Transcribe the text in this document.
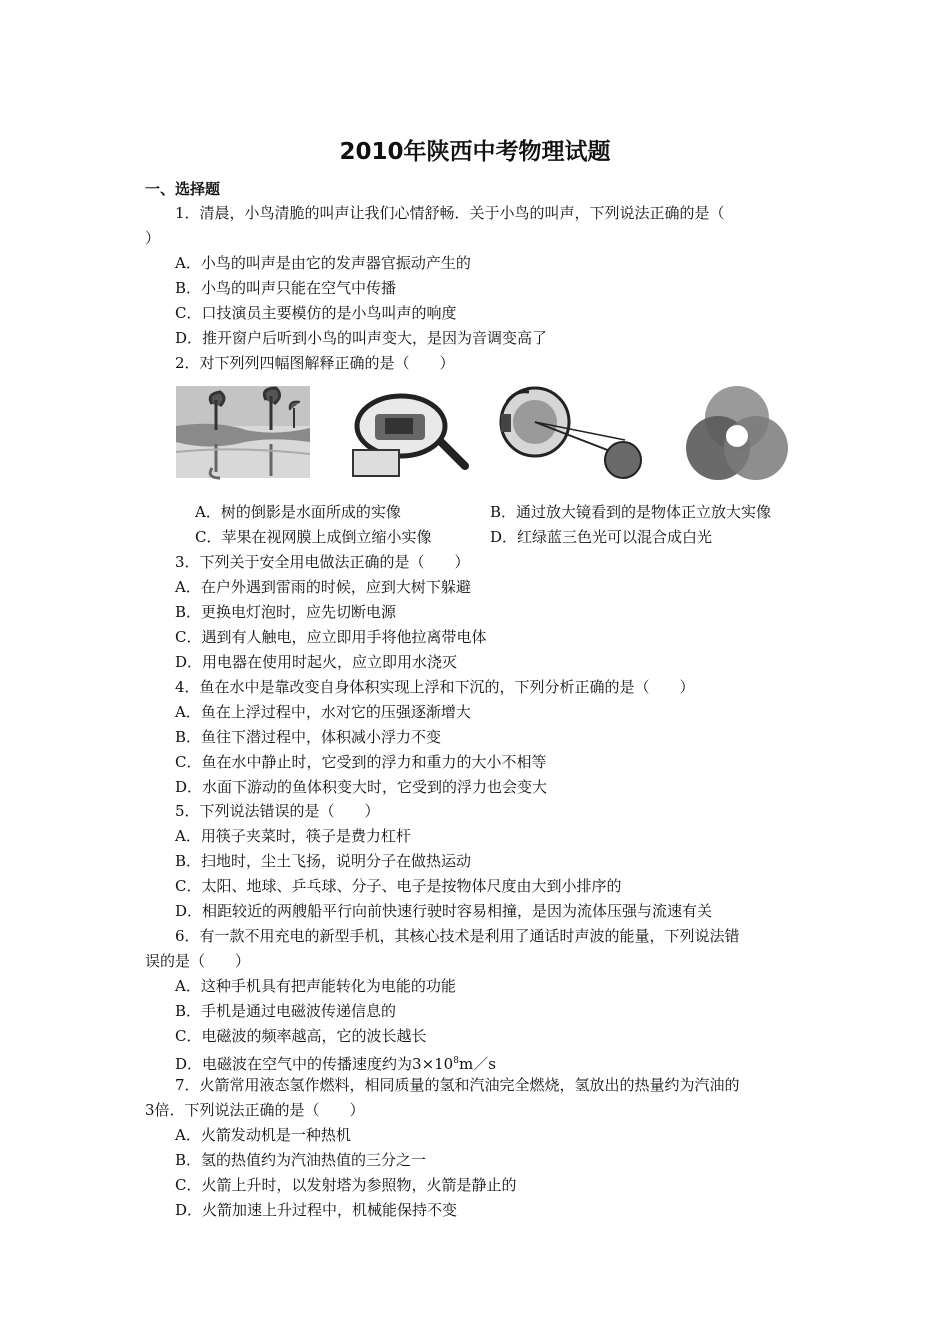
2010年陕西中考物理试题
一、选择题
1．清晨，小鸟清脆的叫声让我们心情舒畅．关于小鸟的叫声，下列说法正确的是（
）
A．小鸟的叫声是由它的发声器官振动产生的
B．小鸟的叫声只能在空气中传播
C．口技演员主要模仿的是小鸟叫声的响度
D．推开窗户后听到小鸟的叫声变大，是因为音调变高了
2．对下列列四幅图解释正确的是（　　）
A．树的倒影是水面所成的实像	B．通过放大镜看到的是物体正立放大实像
C．苹果在视网膜上成倒立缩小实像	D．红绿蓝三色光可以混合成白光
3．下列关于安全用电做法正确的是（　　）
A．在户外遇到雷雨的时候，应到大树下躲避
B．更换电灯泡时，应先切断电源
C．遇到有人触电，应立即用手将他拉离带电体
D．用电器在使用时起火，应立即用水浇灭
4．鱼在水中是靠改变自身体积实现上浮和下沉的，下列分析正确的是（　　）
A．鱼在上浮过程中，水对它的压强逐渐增大
B．鱼往下潜过程中，体积减小浮力不变
C．鱼在水中静止时，它受到的浮力和重力的大小不相等
D．水面下游动的鱼体积变大时，它受到的浮力也会变大
5．下列说法错误的是（　　）
A．用筷子夹菜时，筷子是费力杠杆
B．扫地时，尘土飞扬，说明分子在做热运动
C．太阳、地球、乒乓球、分子、电子是按物体尺度由大到小排序的
D．相距较近的两艘船平行向前快速行驶时容易相撞，是因为流体压强与流速有关
6．有一款不用充电的新型手机，其核心技术是利用了通话时声波的能量，下列说法错
误的是（　　）
A．这种手机具有把声能转化为电能的功能
B．手机是通过电磁波传递信息的
C．电磁波的频率越高，它的波长越长
D．电磁波在空气中的传播速度约为$3\times 10^8m/s$
7．火箭常用液态氢作燃料，相同质量的氢和汽油完全燃烧，氢放出的热量约为汽油的
3倍．下列说法正确的是（　　）
A．火箭发动机是一种热机
B．氢的热值约为汽油热值的三分之一
C．火箭上升时，以发射塔为参照物，火箭是静止的
D．火箭加速上升过程中，机械能保持不变
